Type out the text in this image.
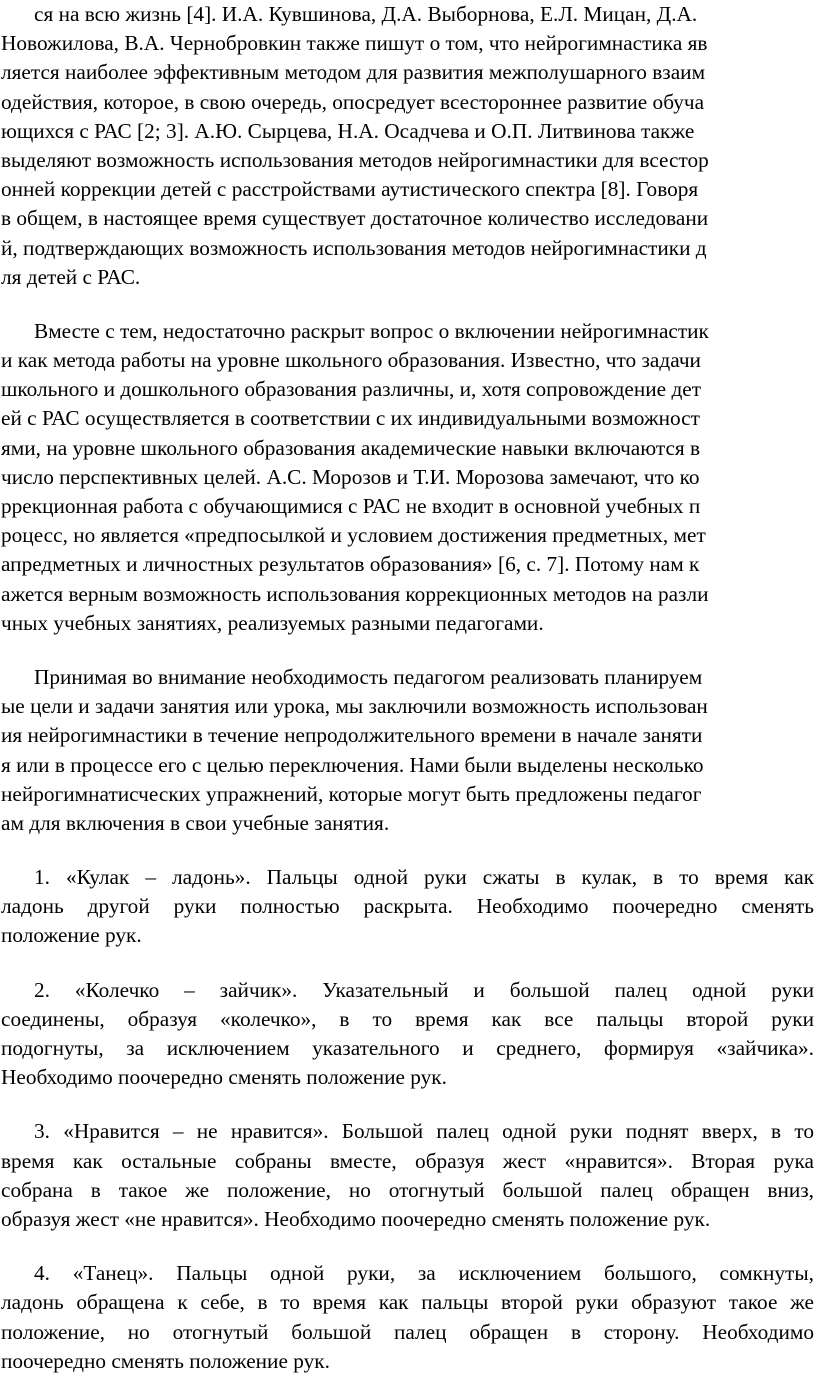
ся на всю жизнь [4]. И.А. Кувшинова, Д.А. Выборнова, Е.Л. Мицан, Д.А.
Новожилова, В.А. Чернобровкин также пишут о том, что нейрогимнастика яв
ляется наиболее эффективным методом для развития межполушарного взаим
одействия, которое, в свою очередь, опосредует всестороннее развитие обуча
ющихся с РАС [2; 3]. А.Ю. Сырцева, Н.А. Осадчева и О.П. Литвинова также
выделяют возможность использования методов нейрогимнастики для всестор
онней коррекции детей с расстройствами аутистического спектра [8]. Говоря
в общем, в настоящее время существует достаточное количество исследовани
й, подтверждающих возможность использования методов нейрогимнастики д
ля детей с РАС.
Вместе с тем, недостаточно раскрыт вопрос о включении нейрогимнастик
и как метода работы на уровне школьного образования. Известно, что задачи
школьного и дошкольного образования различны, и, хотя сопровождение дет
ей с РАС осуществляется в соответствии с их индивидуальными возможност
ями, на уровне школьного образования академические навыки включаются в
число перспективных целей. А.С. Морозов и Т.И. Морозова замечают, что ко
ррекционная работа с обучающимися с РАС не входит в основной учебных п
роцесс, но является «предпосылкой и условием достижения предметных, мет
апредметных и личностных результатов образования» [6, с. 7]. Потому нам к
ажется верным возможность использования коррекционных методов на разли
чных учебных занятиях, реализуемых разными педагогами.
Принимая во внимание необходимость педагогом реализовать планируем
ые цели и задачи занятия или урока, мы заключили возможность использован
ия нейрогимнастики в течение непродолжительного времени в начале заняти
я или в процессе его с целью переключения. Нами были выделены несколько
нейрогимнатисческих упражнений, которые могут быть предложены педагог
ам для включения в свои учебные занятия.
1. «Кулак – ладонь». Пальцы одной руки сжаты в кулак, в то время как
ладонь другой руки полностью раскрыта. Необходимо поочередно сменять
положение рук.
2. «Колечко – зайчик». Указательный и большой палец одной руки
соединены, образуя «колечко», в то время как все пальцы второй руки
подогнуты, за исключением указательного и среднего, формируя «зайчика».
Необходимо поочередно сменять положение рук.
3. «Нравится – не нравится». Большой палец одной руки поднят вверх, в то
время как остальные собраны вместе, образуя жест «нравится». Вторая рука
собрана в такое же положение, но отогнутый большой палец обращен вниз,
образуя жест «не нравится». Необходимо поочередно сменять положение рук.
4. «Танец». Пальцы одной руки, за исключением большого, сомкнуты,
ладонь обращена к себе, в то время как пальцы второй руки образуют такое же
положение, но отогнутый большой палец обращен в сторону. Необходимо
поочередно сменять положение рук.
